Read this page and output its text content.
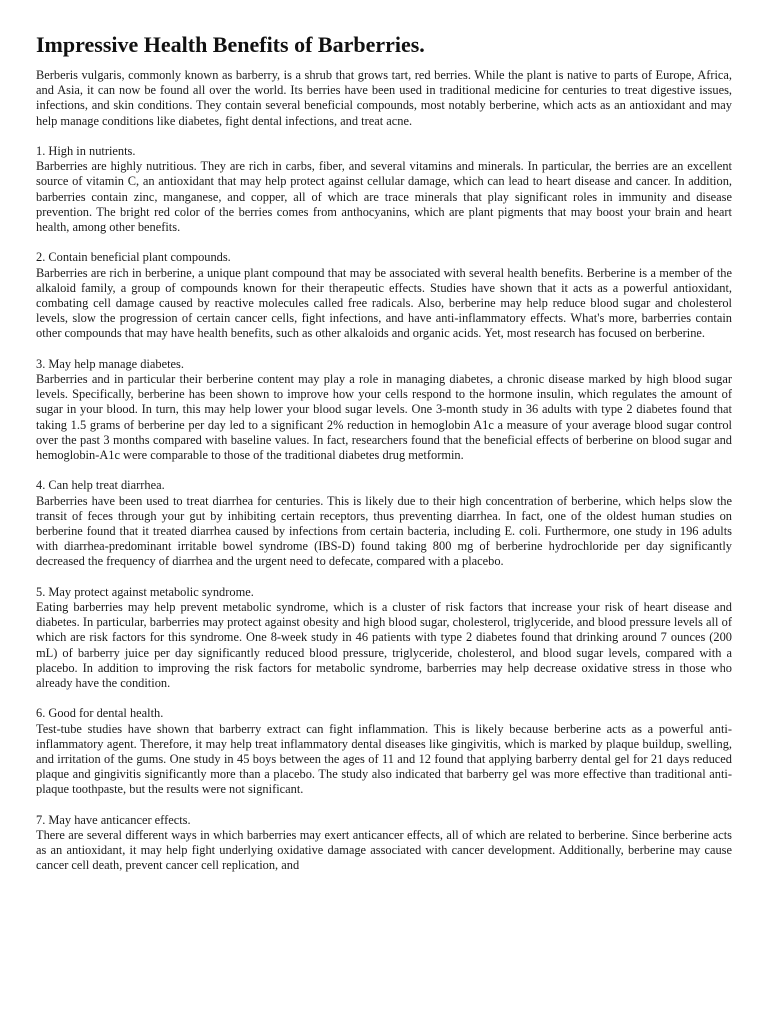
Impressive Health Benefits of Barberries.

Berberis vulgaris, commonly known as barberry, is a shrub that grows tart, red berries. While the plant is native to parts of Europe, Africa, and Asia, it can now be found all over the world. Its berries have been used in traditional medicine for centuries to treat digestive issues, infections, and skin conditions. They contain several beneficial compounds, most notably berberine, which acts as an antioxidant and may help manage conditions like diabetes, fight dental infections, and treat acne.

1. High in nutrients.

Barberries are highly nutritious. They are rich in carbs, fiber, and several vitamins and minerals. In particular, the berries are an excellent source of vitamin C, an antioxidant that may help protect against cellular damage, which can lead to heart disease and cancer. In addition, barberries contain zinc, manganese, and copper, all of which are trace minerals that play significant roles in immunity and disease prevention. The bright red color of the berries comes from anthocyanins, which are plant pigments that may boost your brain and heart health, among other benefits.

2. Contain beneficial plant compounds.

Barberries are rich in berberine, a unique plant compound that may be associated with several health benefits. Berberine is a member of the alkaloid family, a group of compounds known for their therapeutic effects. Studies have shown that it acts as a powerful antioxidant, combating cell damage caused by reactive molecules called free radicals. Also, berberine may help reduce blood sugar and cholesterol levels, slow the progression of certain cancer cells, fight infections, and have anti-inflammatory effects. What's more, barberries contain other compounds that may have health benefits, such as other alkaloids and organic acids. Yet, most research has focused on berberine.

3. May help manage diabetes.

Barberries and in particular their berberine content may play a role in managing diabetes, a chronic disease marked by high blood sugar levels. Specifically, berberine has been shown to improve how your cells respond to the hormone insulin, which regulates the amount of sugar in your blood. In turn, this may help lower your blood sugar levels. One 3-month study in 36 adults with type 2 diabetes found that taking 1.5 grams of berberine per day led to a significant 2% reduction in hemoglobin A1c a measure of your average blood sugar control over the past 3 months compared with baseline values. In fact, researchers found that the beneficial effects of berberine on blood sugar and hemoglobin-A1c were comparable to those of the traditional diabetes drug metformin.

4. Can help treat diarrhea.

Barberries have been used to treat diarrhea for centuries. This is likely due to their high concentration of berberine, which helps slow the transit of feces through your gut by inhibiting certain receptors, thus preventing diarrhea. In fact, one of the oldest human studies on berberine found that it treated diarrhea caused by infections from certain bacteria, including E. coli. Furthermore, one study in 196 adults with diarrhea-predominant irritable bowel syndrome (IBS-D) found taking 800 mg of berberine hydrochloride per day significantly decreased the frequency of diarrhea and the urgent need to defecate, compared with a placebo.

5. May protect against metabolic syndrome.

Eating barberries may help prevent metabolic syndrome, which is a cluster of risk factors that increase your risk of heart disease and diabetes. In particular, barberries may protect against obesity and high blood sugar, cholesterol, triglyceride, and blood pressure levels all of which are risk factors for this syndrome. One 8-week study in 46 patients with type 2 diabetes found that drinking around 7 ounces (200 mL) of barberry juice per day significantly reduced blood pressure, triglyceride, cholesterol, and blood sugar levels, compared with a placebo. In addition to improving the risk factors for metabolic syndrome, barberries may help decrease oxidative stress in those who already have the condition.

6. Good for dental health.

Test-tube studies have shown that barberry extract can fight inflammation. This is likely because berberine acts as a powerful anti-inflammatory agent. Therefore, it may help treat inflammatory dental diseases like gingivitis, which is marked by plaque buildup, swelling, and irritation of the gums. One study in 45 boys between the ages of 11 and 12 found that applying barberry dental gel for 21 days reduced plaque and gingivitis significantly more than a placebo. The study also indicated that barberry gel was more effective than traditional anti-plaque toothpaste, but the results were not significant.

7. May have anticancer effects.

There are several different ways in which barberries may exert anticancer effects, all of which are related to berberine. Since berberine acts as an antioxidant, it may help fight underlying oxidative damage associated with cancer development. Additionally, berberine may cause cancer cell death, prevent cancer cell replication, and
